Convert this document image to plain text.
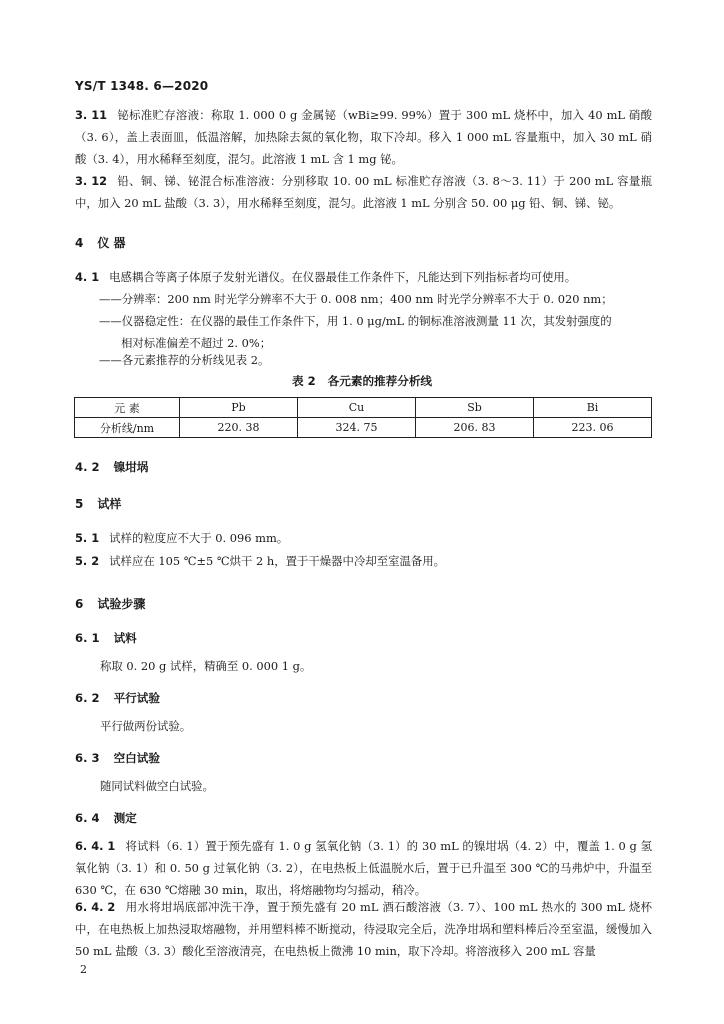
YS/T 1348. 6—2020

3. 11 铋标准贮存溶液：称取 1. 000 0 g 金属铋（wBi≥99. 99%）置于 300 mL 烧杯中，加入 40 mL 硝酸（3. 6），盖上表面皿，低温溶解，加热除去氮的氧化物，取下冷却。移入 1 000 mL 容量瓶中，加入 30 mL 硝酸（3. 4），用水稀释至刻度，混匀。此溶液 1 mL 含 1 mg 铋。

3. 12 铅、铜、锑、铋混合标准溶液：分别移取 10. 00 mL 标准贮存溶液（3. 8～3. 11）于 200 mL 容量瓶中，加入 20 mL 盐酸（3. 3），用水稀释至刻度，混匀。此溶液 1 mL 分别含 50. 00 μg 铅、铜、锑、铋。

4 仪 器

4. 1 电感耦合等离子体原子发射光谱仪。在仪器最佳工作条件下，凡能达到下列指标者均可使用。

——分辨率：200 nm 时光学分辨率不大于 0. 008 nm；400 nm 时光学分辨率不大于 0. 020 nm；

——仪器稳定性：在仪器的最佳工作条件下，用 1. 0 μg/mL 的铜标准溶液测量 11 次，其发射强度的

相对标准偏差不超过 2. 0%；

——各元素推荐的分析线见表 2。

表 2 各元素的推荐分析线
元 素	Pb	Cu	Sb	Bi
分析线/nm	220. 38	324. 75	206. 83	223. 06
4. 2 镍坩埚
5 试样

5. 1 试样的粒度应不大于 0. 096 mm。

5. 2 试样应在 105 ℃±5 ℃烘干 2 h，置于干燥器中冷却至室温备用。

6 试验步骤
6. 1 试料
称取 0. 20 g 试样，精确至 0. 000 1 g。
6. 2 平行试验
平行做两份试验。
6. 3 空白试验
随同试料做空白试验。
6. 4 测定

6. 4. 1 将试料（6. 1）置于预先盛有 1. 0 g 氢氧化钠（3. 1）的 30 mL 的镍坩埚（4. 2）中，覆盖 1. 0 g 氢氧化钠（3. 1）和 0. 50 g 过氧化钠（3. 2），在电热板上低温脱水后，置于已升温至 300 ℃的马弗炉中，升温至 630 ℃，在 630 ℃熔融 30 min，取出，将熔融物均匀摇动，稍冷。

6. 4. 2 用水将坩埚底部冲洗干净，置于预先盛有 20 mL 酒石酸溶液（3. 7）、100 mL 热水的 300 mL 烧杯中，在电热板上加热浸取熔融物，并用塑料棒不断搅动，待浸取完全后，洗净坩埚和塑料棒后冷至室温，缓慢加入 50 mL 盐酸（3. 3）酸化至溶液清亮，在电热板上微沸 10 min，取下冷却。将溶液移入 200 mL 容量

2
